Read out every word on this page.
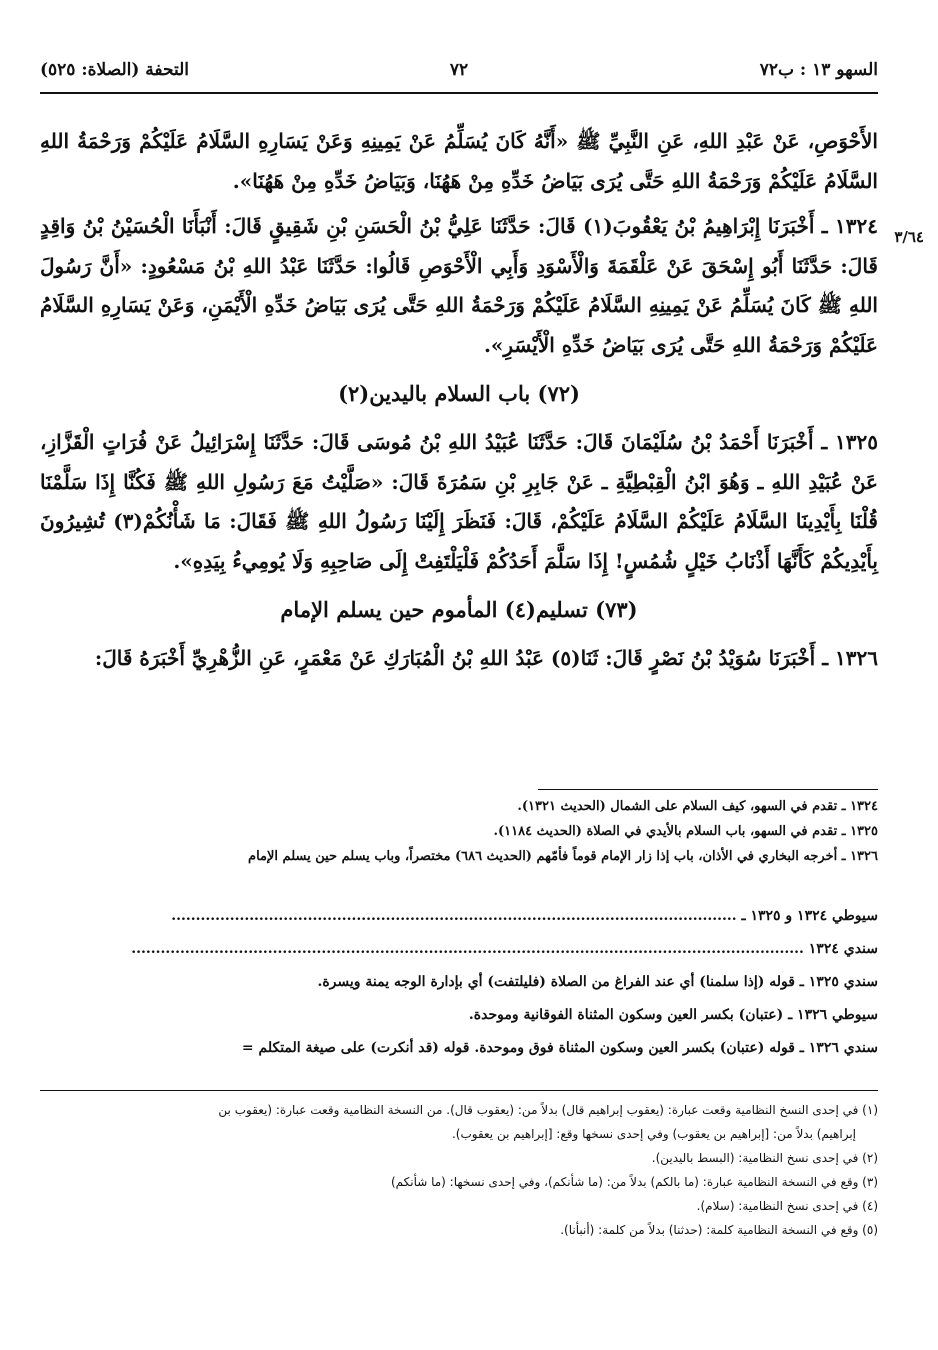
السهو ١٣ : ب٧٢
٧٢
التحفة (الصلاة: ٥٢٥)
٣/٦٤

الأَحْوَصِ، عَنْ عَبْدِ اللهِ، عَنِ النَّبِيِّ ﷺ «أَنَّهُ كَانَ يُسَلِّمُ عَنْ يَمِينِهِ وَعَنْ يَسَارِهِ السَّلَامُ عَلَيْكُمْ وَرَحْمَةُ اللهِ السَّلَامُ عَلَيْكُمْ وَرَحْمَةُ اللهِ حَتَّى يُرَى بَيَاضُ خَدِّهِ مِنْ هَهُنَا، وَبَيَاضُ خَدِّهِ مِنْ هَهُنَا».

١٣٢٤ ـ أَخْبَرَنَا إِبْرَاهِيمُ بْنُ يَعْقُوبَ(١) قَالَ: حَدَّثَنَا عَلِيُّ بْنُ الْحَسَنِ بْنِ شَقِيقٍ قَالَ: أَنْبَأَنَا الْحُسَيْنُ بْنُ وَاقِدٍ قَالَ: حَدَّثَنَا أَبُو إِسْحَقَ عَنْ عَلْقَمَةَ وَالْأَسْوَدِ وَأَبِي الْأَحْوَصِ قَالُوا: حَدَّثَنَا عَبْدُ اللهِ بْنُ مَسْعُودٍ: «أَنَّ رَسُولَ اللهِ ﷺ كَانَ يُسَلِّمُ عَنْ يَمِينِهِ السَّلَامُ عَلَيْكُمْ وَرَحْمَةُ اللهِ حَتَّى يُرَى بَيَاضُ خَدِّهِ الْأَيْمَنِ، وَعَنْ يَسَارِهِ السَّلَامُ عَلَيْكُمْ وَرَحْمَةُ اللهِ حَتَّى يُرَى بَيَاضُ خَدِّهِ الْأَيْسَرِ».

(٧٢) باب السلام باليدين(٢)

١٣٢٥ ـ أَخْبَرَنَا أَحْمَدُ بْنُ سُلَيْمَانَ قَالَ: حَدَّثَنَا عُبَيْدُ اللهِ بْنُ مُوسَى قَالَ: حَدَّثَنَا إِسْرَائِيلُ عَنْ فُرَاتٍ الْقَزَّازِ، عَنْ عُبَيْدِ اللهِ ـ وَهُوَ ابْنُ الْقِبْطِيَّةِ ـ عَنْ جَابِرِ بْنِ سَمُرَةَ قَالَ: «صَلَّيْتُ مَعَ رَسُولِ اللهِ ﷺ فَكُنَّا إِذَا سَلَّمْنَا قُلْنَا بِأَيْدِينَا السَّلَامُ عَلَيْكُمْ السَّلَامُ عَلَيْكُمْ، قَالَ: فَنَظَرَ إِلَيْنَا رَسُولُ اللهِ ﷺ فَقَالَ: مَا شَأْنُكُمْ(٣) تُشِيرُونَ بِأَيْدِيكُمْ كَأَنَّهَا أَذْنَابُ خَيْلٍ شُمُسٍ! إِذَا سَلَّمَ أَحَدُكُمْ فَلْيَلْتَفِتْ إِلَى صَاحِبِهِ وَلَا يُومِيءُ بِيَدِهِ».

(٧٣) تسليم(٤) المأموم حين يسلم الإمام

١٣٢٦ ـ أَخْبَرَنَا سُوَيْدُ بْنُ نَصْرٍ قَالَ: ثَنَا(٥) عَبْدُ اللهِ بْنُ الْمُبَارَكِ عَنْ مَعْمَرٍ، عَنِ الزُّهْرِيِّ أَخْبَرَهُ قَالَ:

١٣٢٤ ـ تقدم في السهو، كيف السلام على الشمال (الحديث ١٣٢١).

١٣٢٥ ـ تقدم في السهو، باب السلام بالأيدي في الصلاة (الحديث ١١٨٤).

١٣٢٦ ـ أخرجه البخاري في الأذان، باب إذا زار الإمام قوماً فأمّهم (الحديث ٦٨٦) مختصراً، وباب يسلم حين يسلم الإمام

سيوطي ١٣٢٤ و ١٣٢٥ ـ ....................................................................................................................

سندي ١٣٢٤ ..........................................................................................................................................

سندي ١٣٢٥ ـ قوله (إذا سلمنا) أي عند الفراغ من الصلاة (فليلتفت) أي بإدارة الوجه يمنة ويسرة.

سيوطي ١٣٢٦ ـ (عتبان) بكسر العين وسكون المثناة الفوقانية وموحدة.

سندي ١٣٢٦ ـ قوله (عتبان) بكسر العين وسكون المثناة فوق وموحدة. قوله (قد أنكرت) على صيغة المتكلم =

(١) في إحدى النسخ النظامية وقعت عبارة: (يعقوب إبراهيم قال) بدلاً من: (يعقوب قال). من النسخة النظامية وقعت عبارة: (يعقوب بن

إبراهيم) بدلاً من: [إبراهيم بن يعقوب) وفي إحدى نسخها وقع: [إبراهيم بن يعقوب).

(٢) في إحدى نسخ النظامية: (البسط باليدين).

(٣) وقع في النسخة النظامية عبارة: (ما بالكم) بدلاً من: (ما شأنكم)، وفي إحدى نسخها: (ما شأنكم)

(٤) في إحدى نسخ النظامية: (سلام).

(٥) وقع في النسخة النظامية كلمة: (حدثنا) بدلاً من كلمة: (أنبأنا).
